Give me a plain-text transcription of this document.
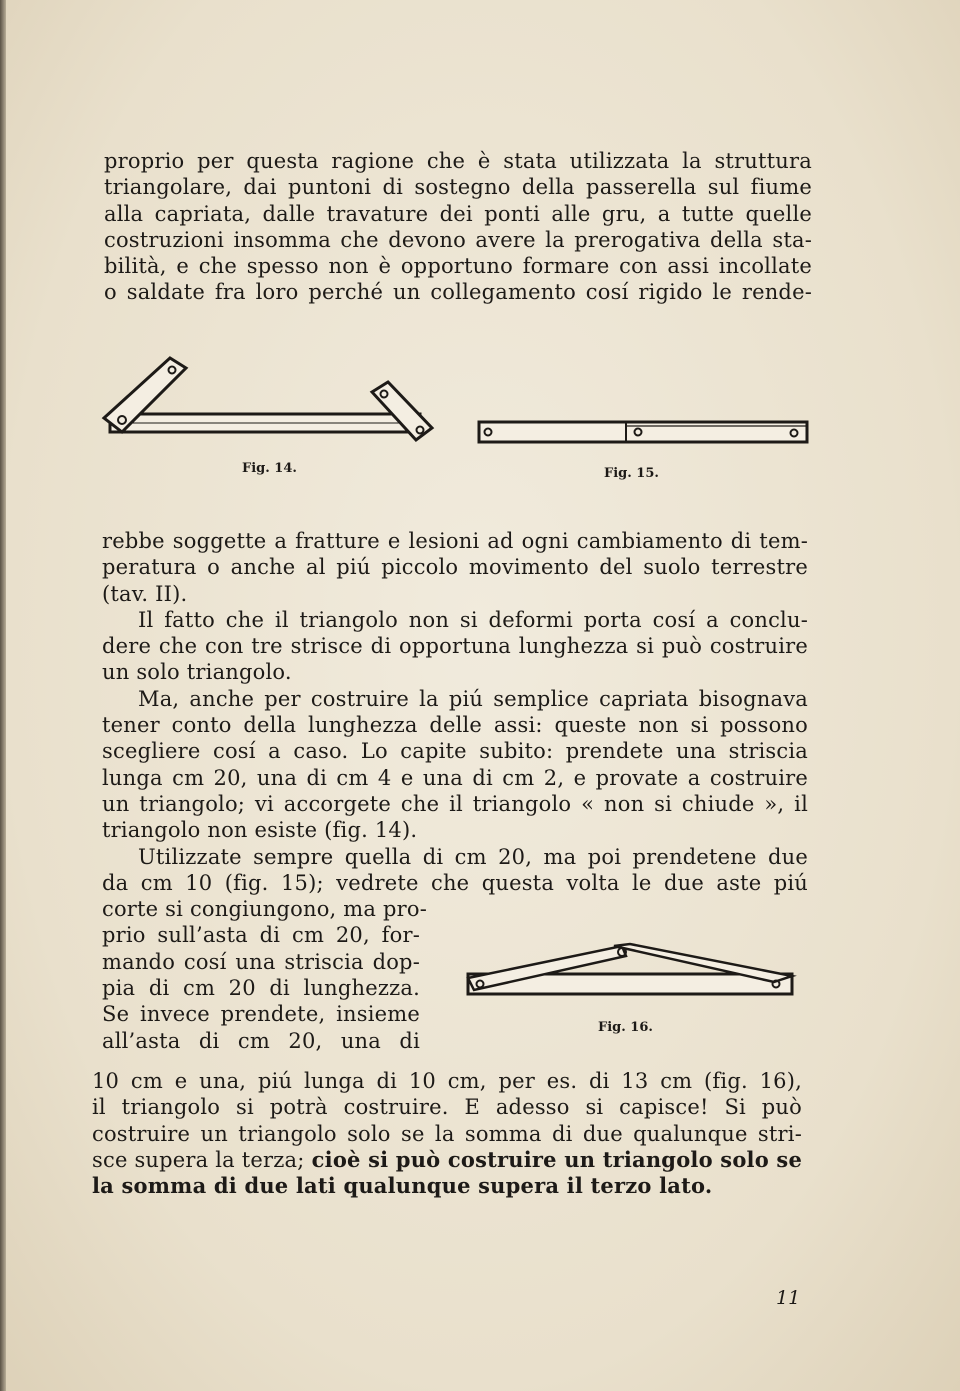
proprio per questa ragione che è stata utilizzata la struttura
triangolare, dai puntoni di sostegno della passerella sul fiume
alla capriata, dalle travature dei ponti alle gru, a tutte quelle
costruzioni insomma che devono avere la prerogativa della sta-
bilità, e che spesso non è opportuno formare con assi incollate
o saldate fra loro perché un collegamento cosí rigido le rende-
Fig. 14.	Fig. 15.
rebbe soggette a fratture e lesioni ad ogni cambiamento di tem-
peratura o anche al piú piccolo movimento del suolo terrestre
(tav. II).
Il fatto che il triangolo non si deformi porta cosí a conclu-
dere che con tre strisce di opportuna lunghezza si può costruire
un solo triangolo.
Ma, anche per costruire la piú semplice capriata bisognava
tener conto della lunghezza delle assi: queste non si possono
scegliere cosí a caso. Lo capite subito: prendete una striscia
lunga cm 20, una di cm 4 e una di cm 2, e provate a costruire
un triangolo; vi accorgete che il triangolo « non si chiude », il
triangolo non esiste (fig. 14).
Utilizzate sempre quella di cm 20, ma poi prendetene due
da cm 10 (fig. 15); vedrete che questa volta le due aste piú
corte si congiungono, ma pro-
prio sull’asta di cm 20, for-
mando cosí una striscia dop-
pia di cm 20 di lunghezza.
Se invece prendete, insieme
all’asta di cm 20, una di
Fig. 16.
10 cm e una, piú lunga di 10 cm, per es. di 13 cm (fig. 16),
il triangolo si potrà costruire. E adesso si capisce! Si può
costruire un triangolo solo se la somma di due qualunque stri-
sce supera la terza; cioè si può costruire un triangolo solo se
la somma di due lati qualunque supera il terzo lato.
11
